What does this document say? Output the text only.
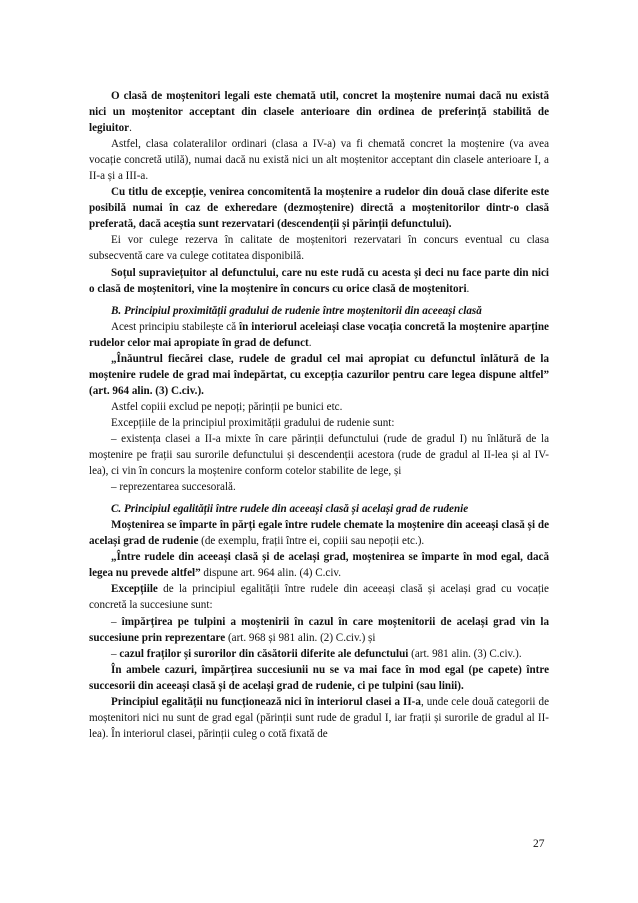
O clasă de moștenitori legali este chemată util, concret la moștenire numai dacă nu există nici un moștenitor acceptant din clasele anterioare din ordinea de preferință stabilită de legiuitor.

Astfel, clasa colateralilor ordinari (clasa a IV-a) va fi chemată concret la moștenire (va avea vocație concretă utilă), numai dacă nu există nici un alt moștenitor acceptant din clasele anterioare I, a II-a și a III-a.

Cu titlu de excepție, venirea concomitentă la moștenire a rudelor din două clase diferite este posibilă numai în caz de exheredare (dezmoștenire) directă a moștenitorilor dintr-o clasă preferată, dacă aceștia sunt rezervatari (descendenții și părinții defunctului).

Ei vor culege rezerva în calitate de moștenitori rezervatari în concurs eventual cu clasa subsecventă care va culege cotitatea disponibilă.

Soțul supraviețuitor al defunctului, care nu este rudă cu acesta și deci nu face parte din nici o clasă de moștenitori, vine la moștenire în concurs cu orice clasă de moștenitori.

B. Principiul proximității gradului de rudenie între moștenitorii din aceeași clasă

Acest principiu stabilește că în interiorul aceleiași clase vocația concretă la moștenire aparține rudelor celor mai apropiate în grad de defunct.

„Înăuntrul fiecărei clase, rudele de gradul cel mai apropiat cu defunctul înlătură de la moștenire rudele de grad mai îndepărtat, cu excepția cazurilor pentru care legea dispune altfel” (art. 964 alin. (3) C.civ.).

Astfel copiii exclud pe nepoți; părinții pe bunici etc.

Excepțiile de la principiul proximității gradului de rudenie sunt:

– existența clasei a II-a mixte în care părinții defunctului (rude de gradul I) nu înlătură de la moștenire pe frații sau surorile defunctului și descendenții acestora (rude de gradul al II-lea și al IV-lea), ci vin în concurs la moștenire conform cotelor stabilite de lege, și

– reprezentarea succesorală.

C. Principiul egalității între rudele din aceeași clasă și același grad de rudenie

Moștenirea se împarte în părți egale între rudele chemate la moștenire din aceeași clasă și de același grad de rudenie (de exemplu, frații între ei, copiii sau nepoții etc.).

„Între rudele din aceeași clasă și de același grad, moștenirea se împarte în mod egal, dacă legea nu prevede altfel” dispune art. 964 alin. (4) C.civ.

Excepțiile de la principiul egalității între rudele din aceeași clasă și același grad cu vocație concretă la succesiune sunt:

– împărțirea pe tulpini a moștenirii în cazul în care moștenitorii de același grad vin la succesiune prin reprezentare (art. 968 și 981 alin. (2) C.civ.) și

– cazul fraților și surorilor din căsătorii diferite ale defunctului (art. 981 alin. (3) C.civ.).

În ambele cazuri, împărțirea succesiunii nu se va mai face în mod egal (pe capete) între succesorii din aceeași clasă și de același grad de rudenie, ci pe tulpini (sau linii).

Principiul egalității nu funcționează nici în interiorul clasei a II-a, unde cele două categorii de moștenitori nici nu sunt de grad egal (părinții sunt rude de gradul I, iar frații și surorile de gradul al II-lea). În interiorul clasei, părinții culeg o cotă fixată de

27
